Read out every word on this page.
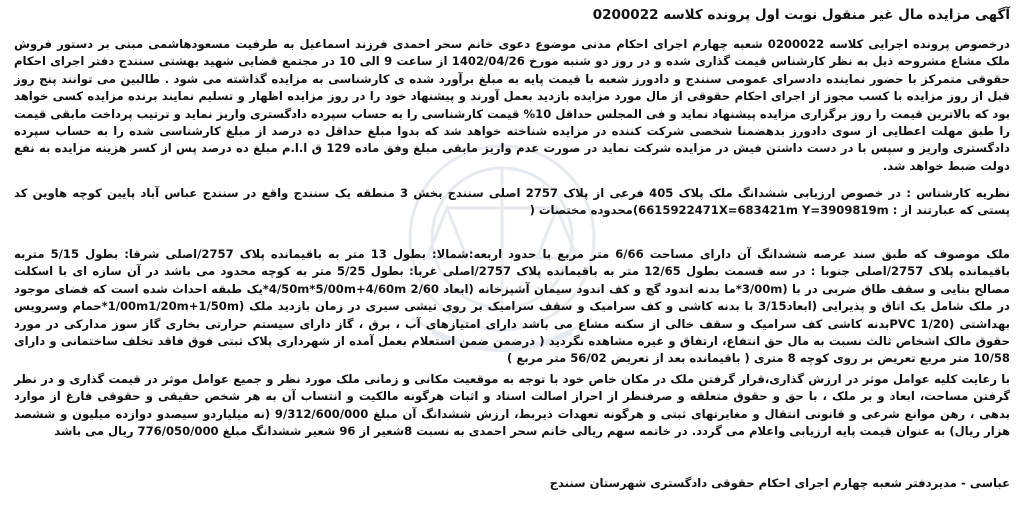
آگهی مزایده مال غیر منقول نوبت اول پرونده کلاسه 0200022

درخصوص پرونده اجرایی کلاسه 0200022 شعبه چهارم اجرای احکام مدنی موضوع دعوی خانم سحر احمدی فرزند اسماعیل به طرفیت مسعودهاشمی مبنی بر دستور فروش ملک مشاع مشروحه ذیل به نظر کارشناس قیمت گذاری شده و در روز دو شنبه مورخ 1402/04/26 از ساعت 9 الی 10 در مجتمع قضایی شهید بهشتی سنندج دفتر اجرای احکام حقوقی متمرکز با حضور نماینده دادسرای عمومی سنندج و دادورز شعبه با قیمت پایه به مبلغ برآورد شده ی کارشناسی به مزایده گذاشته می شود . طالبین می توانند پنج روز قبل از روز مزایده با کسب مجوز از اجرای احکام حقوقی از مال مورد مزایده بازدید بعمل آورند و پیشنهاد خود را در روز مزایده اظهار و تسلیم نمایند برنده مزایده کسی خواهد بود که بالاترین قیمت را روز برگزاری مزایده پیشنهاد نماید و فی المجلس حداقل 10% قیمت کارشناسی را به حساب سپرده دادگستری واریز نماید و ترتیب پرداخت مابقی قیمت را طبق مهلت اعطایی از سوی دادورز بدهضمنا شخصی شرکت کننده در مزایده شناخته خواهد شد که بدوا مبلغ حداقل ده درصد از مبلغ کارشناسی شده را به حساب سپرده دادگستری واریز و سپس با در دست داشتن فیش در مزایده شرکت نماید در صورت عدم واریز مابقی مبلغ وفق ماده 129 ق ا.ا.م مبلغ ده درصد پس از کسر هزینه مزایده به نفع دولت ضبط خواهد شد.

نظریه کارشناس : در خصوص ارزیابی ششدانگ ملک پلاک 405 فرعی از پلاک 2757 اصلی سنندج بخش 3 منطقه یک سنندج واقع در سنندج عباس آباد پایین کوچه هاوین کد پستی که عبارتند از : 6615922471X=683421m Y=3909819m)محدوده مختصات (

ملک موصوف که طبق سند عرصه ششدانگ آن دارای مساحت 6/66 متر مربع با حدود اربعه:شمالا: بطول 13 متر به باقیمانده پلاک 2757/اصلی شرقا: بطول 5/15 متربه باقیمانده پلاک 2757/اصلی جنوبا : در سه قسمت بطول 12/65 متر به باقیمانده پلاک 2757/اصلی غربا: بطول 5/25 متر به کوچه محدود می باشد در آن سازه ای با اسکلت مصالح بنایی و سقف طاق ضربی در با (3/00m*ما بدنه اندود گچ و کف اندود سیمان آشپزخانه (ابعاد 2/60 4/50m*5/00m+4/60m*یک طبقه احداث شده است که فضای موجود در ملک شامل یک اتاق و پذیرایی (ابعاد3/15 با بدنه کاشی و کف سرامیک و سقف سرامیک بر روی تیشی سیری در زمان بازدید ملک (1/00m1/20m+1/50m*حمام وسرویس بهداشتی (PVC 1/20بدنه کاشی کف سرامیک و سقف خالی از سکنه مشاع می باشد دارای امتیازهای آب ، برق ، گاز دارای سیستم حرارتی بخاری گاز سوز مدارکی در مورد حقوق مالک اشخاص ثالث نسبت به مال حق انتفاع، ارتفاق و غیره مشاهده نگردید ( درضمن ضمن استعلام بعمل آمده از شهرداری پلاک ثبتی فوق فاقد تخلف ساختمانی و دارای 10/58 متر مربع تعریض بر روی کوچه 8 متری ( باقیمانده بعد از تعریض 56/02 متر مربع )

با رعایت کلیه عوامل موثر در ارزش گذاری،قرار گرفتن ملک در مکان خاص خود با توجه به موقعیت مکانی و زمانی ملک مورد نظر و جمیع عوامل موثر در قیمت گذاری و در نظر گرفتن مساحت، ابعاد و بر ملک ، با حق و حقوق متعلقه و صرفنظر از احراز اصالت اسناد و اثبات هرگونه مالکیت و انتساب آن به هر شخص حقیقی و حقوقی فارغ از موارد بدهی ، رهن موانع شرعی و قانونی انتقال و مغایرتهای ثبتی و هرگونه تعهدات ذیربط، ارزش ششدانگ آن مبلغ 9/312/600/000 (نه میلیاردو سیصدو دوازده میلیون و ششصد هزار ریال) به عنوان قیمت پایه ارزیابی واعلام می گردد. در خاتمه سهم ریالی خانم سحر احمدی به نسبت 8شعیر از 96 شعیر ششدانگ مبلغ 776/050/000 ریال می باشد

عباسی - مدیردفتر شعبه چهارم اجرای احکام حقوقی دادگستری شهرستان سنندج
